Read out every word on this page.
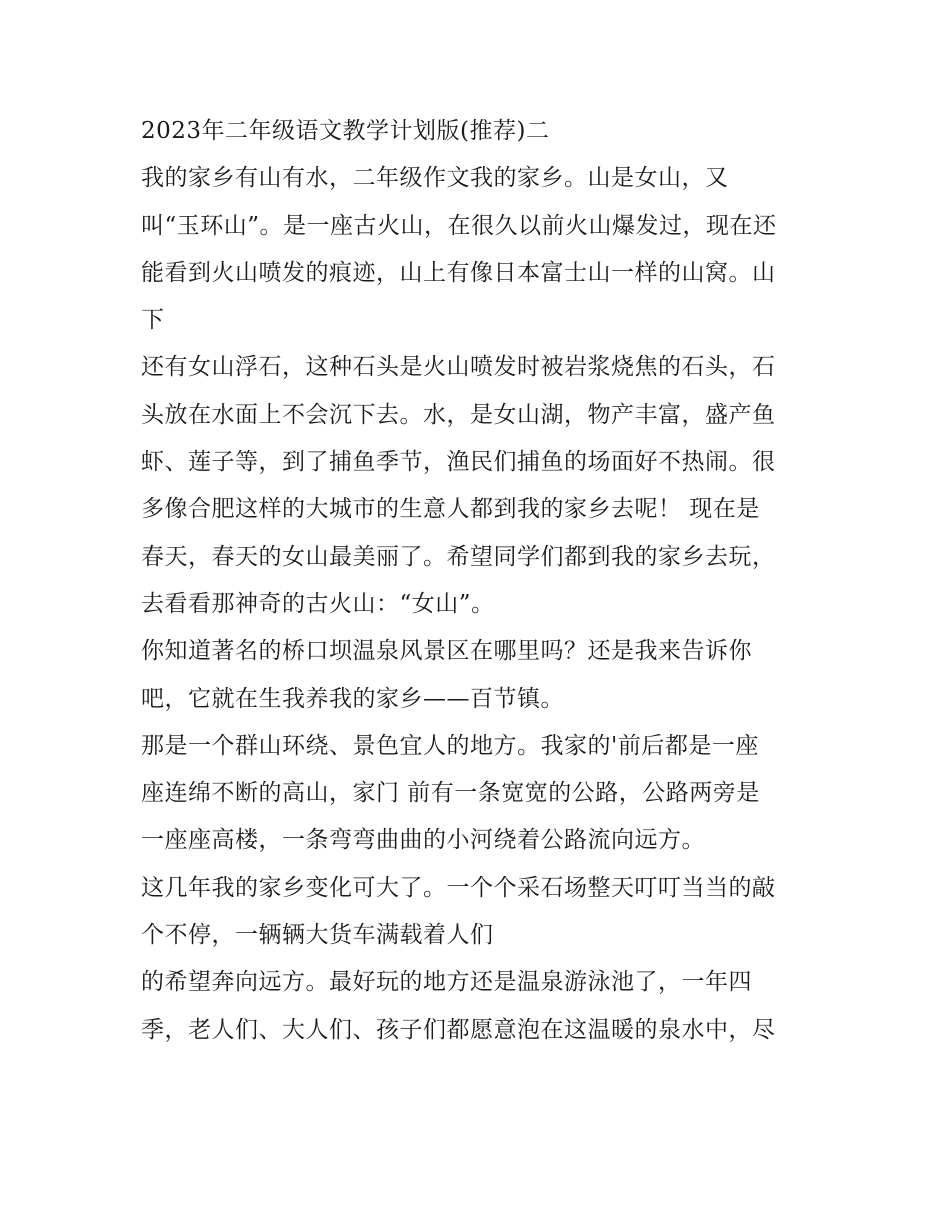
2023年二年级语文教学计划版(推荐)二
我的家乡有山有水，二年级作文我的家乡。山是女山，又
叫“玉环山”。是一座古火山，在很久以前火山爆发过，现在还
能看到火山喷发的痕迹，山上有像日本富士山一样的山窝。山
下
还有女山浮石，这种石头是火山喷发时被岩浆烧焦的石头，石
头放在水面上不会沉下去。水，是女山湖，物产丰富，盛产鱼
虾、莲子等，到了捕鱼季节，渔民们捕鱼的场面好不热闹。很
多像合肥这样的大城市的生意人都到我的家乡去呢！ 现在是
春天，春天的女山最美丽了。希望同学们都到我的家乡去玩，
去看看那神奇的古火山：“女山”。
你知道著名的桥口坝温泉风景区在哪里吗？还是我来告诉你
吧，它就在生我养我的家乡——百节镇。
那是一个群山环绕、景色宜人的地方。我家的'前后都是一座
座连绵不断的高山，家门 前有一条宽宽的公路，公路两旁是
一座座高楼，一条弯弯曲曲的小河绕着公路流向远方。
这几年我的家乡变化可大了。一个个采石场整天叮叮当当的敲
个不停，一辆辆大货车满载着人们
的希望奔向远方。最好玩的地方还是温泉游泳池了，一年四
季，老人们、大人们、孩子们都愿意泡在这温暖的泉水中，尽
